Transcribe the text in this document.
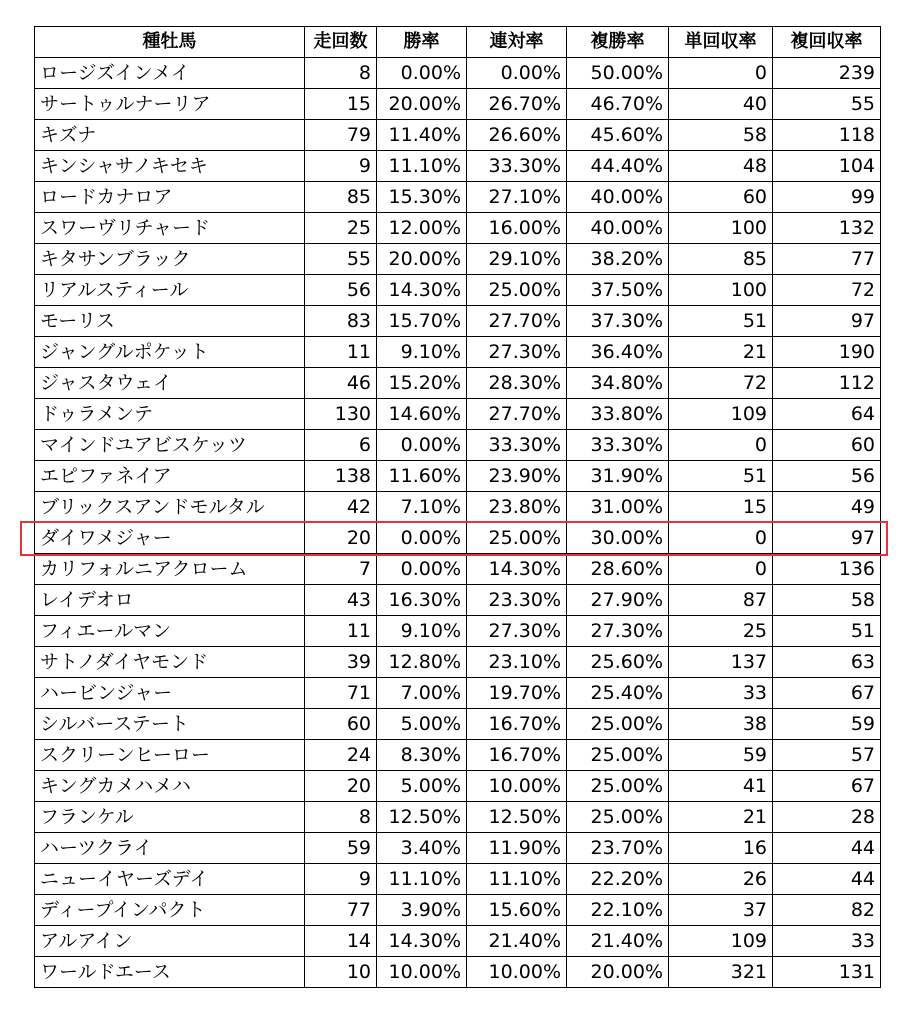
種牡馬	走回数	勝率	連対率	複勝率	単回収率	複回収率
ロージズインメイ	8	0.00%	0.00%	50.00%	0	239
サートゥルナーリア	15	20.00%	26.70%	46.70%	40	55
キズナ	79	11.40%	26.60%	45.60%	58	118
キンシャサノキセキ	9	11.10%	33.30%	44.40%	48	104
ロードカナロア	85	15.30%	27.10%	40.00%	60	99
スワーヴリチャード	25	12.00%	16.00%	40.00%	100	132
キタサンブラック	55	20.00%	29.10%	38.20%	85	77
リアルスティール	56	14.30%	25.00%	37.50%	100	72
モーリス	83	15.70%	27.70%	37.30%	51	97
ジャングルポケット	11	9.10%	27.30%	36.40%	21	190
ジャスタウェイ	46	15.20%	28.30%	34.80%	72	112
ドゥラメンテ	130	14.60%	27.70%	33.80%	109	64
マインドユアビスケッツ	6	0.00%	33.30%	33.30%	0	60
エピファネイア	138	11.60%	23.90%	31.90%	51	56
ブリックスアンドモルタル	42	7.10%	23.80%	31.00%	15	49
ダイワメジャー	20	0.00%	25.00%	30.00%	0	97
カリフォルニアクローム	7	0.00%	14.30%	28.60%	0	136
レイデオロ	43	16.30%	23.30%	27.90%	87	58
フィエールマン	11	9.10%	27.30%	27.30%	25	51
サトノダイヤモンド	39	12.80%	23.10%	25.60%	137	63
ハービンジャー	71	7.00%	19.70%	25.40%	33	67
シルバーステート	60	5.00%	16.70%	25.00%	38	59
スクリーンヒーロー	24	8.30%	16.70%	25.00%	59	57
キングカメハメハ	20	5.00%	10.00%	25.00%	41	67
フランケル	8	12.50%	12.50%	25.00%	21	28
ハーツクライ	59	3.40%	11.90%	23.70%	16	44
ニューイヤーズデイ	9	11.10%	11.10%	22.20%	26	44
ディープインパクト	77	3.90%	15.60%	22.10%	37	82
アルアイン	14	14.30%	21.40%	21.40%	109	33
ワールドエース	10	10.00%	10.00%	20.00%	321	131
